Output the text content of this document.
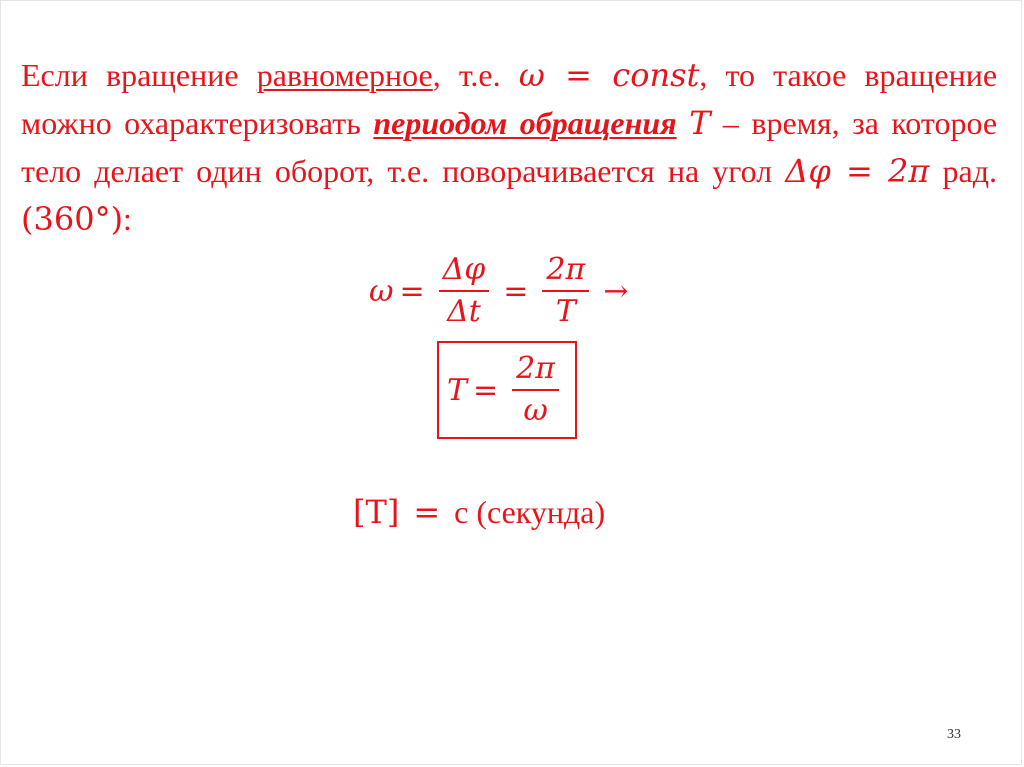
Если вращение равномерное, т.е. ω = const, то такое вращение можно охарактеризовать периодом обращения T – время, за которое тело делает один оборот, т.е. поворачивается на угол Δφ = 2π рад. (360°):
$\omega = \frac{\Delta\varphi}{\Delta t} = \frac{2\pi}{T}$ →
$T = \frac{2\pi}{\omega}$
[T] = с (секунда)
33
